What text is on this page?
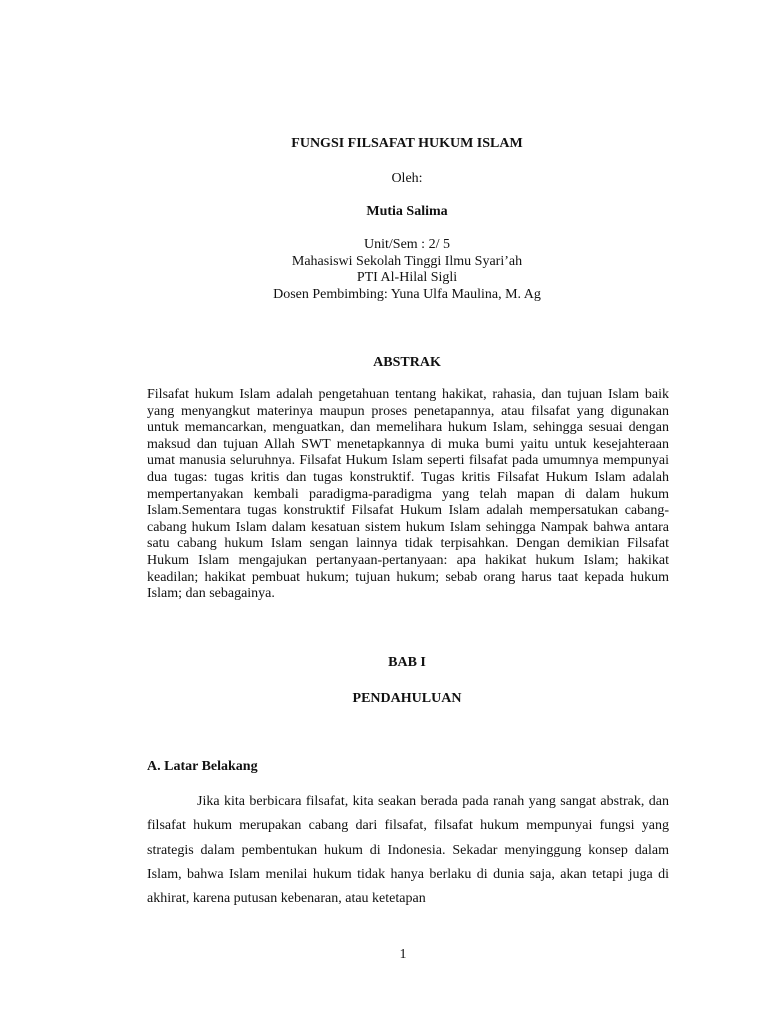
FUNGSI FILSAFAT HUKUM ISLAM
Oleh:
Mutia Salima
Unit/Sem : 2/ 5
Mahasiswi Sekolah Tinggi Ilmu Syari’ah
PTI Al-Hilal Sigli
Dosen Pembimbing: Yuna Ulfa Maulina, M. Ag
ABSTRAK
Filsafat hukum Islam adalah pengetahuan tentang hakikat, rahasia, dan tujuan Islam baik yang menyangkut materinya maupun proses penetapannya, atau filsafat yang digunakan untuk memancarkan, menguatkan, dan memelihara hukum Islam, sehingga sesuai dengan maksud dan tujuan Allah SWT menetapkannya di muka bumi yaitu untuk kesejahteraan umat manusia seluruhnya. Filsafat Hukum Islam seperti filsafat pada umumnya mempunyai dua tugas: tugas kritis dan tugas konstruktif. Tugas kritis Filsafat Hukum Islam adalah mempertanyakan kembali paradigma-paradigma yang telah mapan di dalam hukum Islam.Sementara tugas konstruktif Filsafat Hukum Islam adalah mempersatukan cabang-cabang hukum Islam dalam kesatuan sistem hukum Islam sehingga Nampak bahwa antara satu cabang hukum Islam sengan lainnya tidak terpisahkan. Dengan demikian Filsafat Hukum Islam mengajukan pertanyaan-pertanyaan: apa hakikat hukum Islam; hakikat keadilan; hakikat pembuat hukum; tujuan hukum; sebab orang harus taat kepada hukum Islam; dan sebagainya.
BAB I
PENDAHULUAN
A. Latar Belakang
Jika kita berbicara filsafat, kita seakan berada pada ranah yang sangat abstrak, dan filsafat hukum merupakan cabang dari filsafat, filsafat hukum mempunyai fungsi yang strategis dalam pembentukan hukum di Indonesia. Sekadar menyinggung konsep dalam Islam, bahwa Islam menilai hukum tidak hanya berlaku di dunia saja, akan tetapi juga di akhirat, karena putusan kebenaran, atau ketetapan
1
